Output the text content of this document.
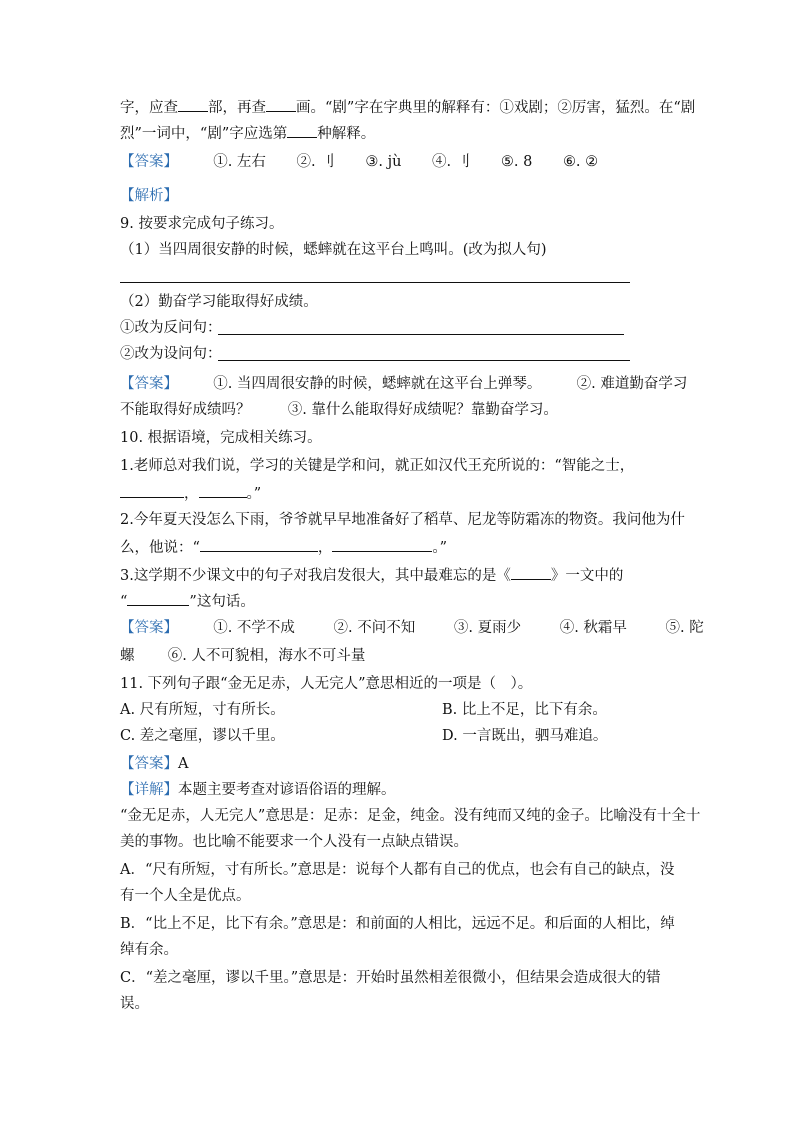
字，应查 部，再查 画。“剧”字在字典里的解释有：①戏剧；②厉害，猛烈。在“剧
烈”一词中，“剧”字应选第 种解释。
【答案】 ①. 左右 ②. 刂 ③. jù ④. 刂 ⑤. 8 ⑥. ②
【解析】
9. 按要求完成句子练习。
（1）当四周很安静的时候，蟋蟀就在这平台上鸣叫。(改为拟人句)
（2）勤奋学习能取得好成绩。
①改为反问句：
②改为设问句：
【答案】 ①. 当四周很安静的时候，蟋蟀就在这平台上弹琴。 ②. 难道勤奋学习
不能取得好成绩吗？	③. 靠什么能取得好成绩呢？靠勤奋学习。
10. 根据语境，完成相关练习。
1.老师总对我们说，学习的关键是学和问，就正如汉代王充所说的：“智能之士，
，	。”
2.今年夏天没怎么下雨，爷爷就早早地准备好了稻草、尼龙等防霜冻的物资。我问他为什
么，他说：“	，	。”
3.这学期不少课文中的句子对我启发很大，其中最难忘的是《	》一文中的
“	”这句话。
【答案】 ①. 不学不成	②. 不问不知	③. 夏雨少	④. 秋霜早	⑤. 陀
螺 ⑥. 人不可貌相，海水不可斗量
11. 下列句子跟“金无足赤，人无完人”意思相近的一项是（　）。
A. 尺有所短，寸有所长。	B. 比上不足，比下有余。
C. 差之毫厘，谬以千里。	D. 一言既出，驷马难追。
【答案】A
【详解】本题主要考查对谚语俗语的理解。
“金无足赤，人无完人”意思是：足赤：足金，纯金。没有纯而又纯的金子。比喻没有十全十
美的事物。也比喻不能要求一个人没有一点缺点错误。
A．“尺有所短，寸有所长。”意思是：说每个人都有自己的优点，也会有自己的缺点，没
有一个人全是优点。
B．“比上不足，比下有余。”意思是：和前面的人相比，远远不足。和后面的人相比，绰
绰有余。
C．“差之毫厘，谬以千里。”意思是：开始时虽然相差很微小，但结果会造成很大的错
误。
